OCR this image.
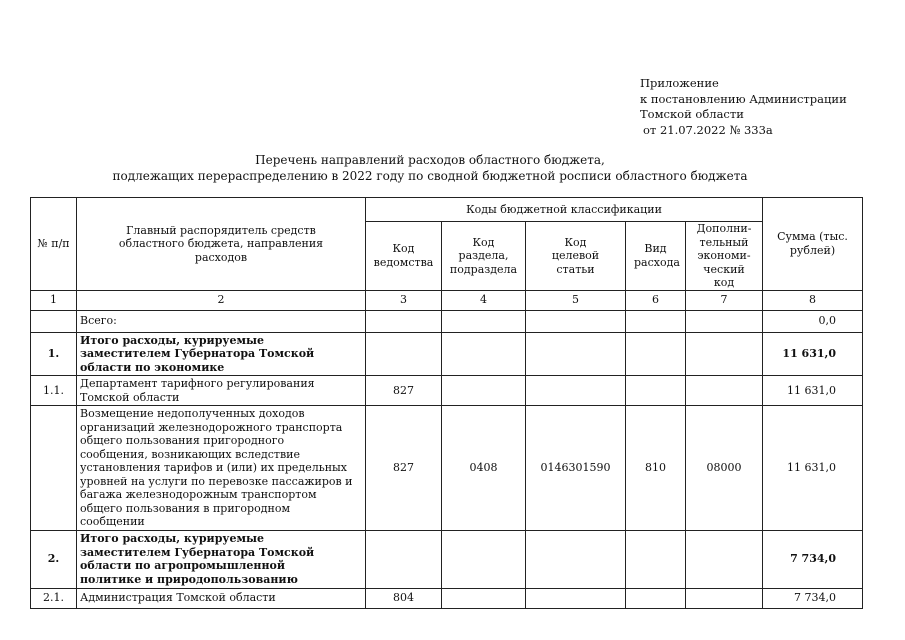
Приложение
к постановлению Администрации
Томской области
от 21.07.2022 № 333а
Перечень направлений расходов областного бюджета,
подлежащих перераспределению в 2022 году по сводной бюджетной росписи областного бюджета
№ п/п	Главный распорядитель средств областного бюджета, направления расходов	Коды бюджетной классификации					Сумма (тыс. рублей)
		Код ведомства	Код раздела, подраздела	Код целевой статьи	Вид расхода	Дополни-тельный экономи-ческий код	
1	2	3	4	5	6	7	8
	Всего:						0,0
1.	Итого расходы, курируемые заместителем Губернатора Томской области по экономике						11 631,0
1.1.	Департамент тарифного регулирования Томской области	827					11 631,0
	Возмещение недополученных доходов организаций железнодорожного транспорта общего пользования пригородного сообщения, возникающих вследствие установления тарифов и (или) их предельных уровней на услуги по перевозке пассажиров и багажа железнодорожным транспортом общего пользования в пригородном сообщении	827	0408	0146301590	810	08000	11 631,0
2.	Итого расходы, курируемые заместителем Губернатора Томской области по агропромышленной политике и природопользованию						7 734,0
2.1.	Администрация Томской области	804					7 734,0
